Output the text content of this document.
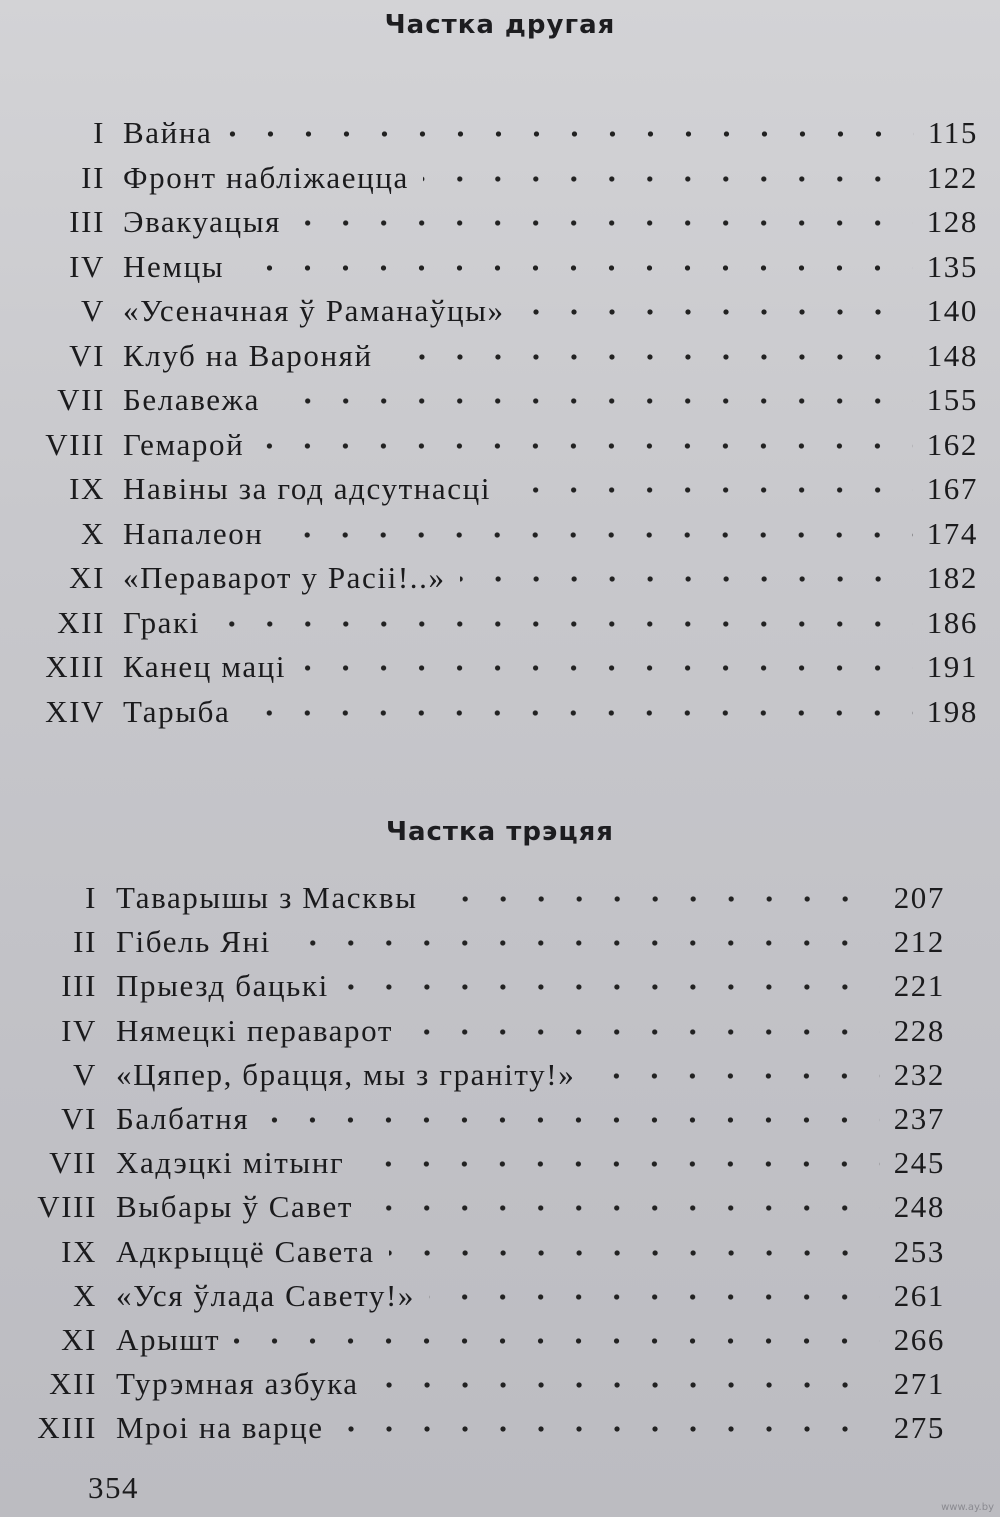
Частка другая
I Вайна	115
II Фронт набліжаецца	122
III Эвакуацыя	128
IV Немцы	135
V «Усеначная ў Раманаўцы»	140
VI Клуб на Вароняй	148
VII Белавежа	155
VIII Гемарой	162
IX Навіны за год адсутнасці	167
X Напалеон	174
XI «Пераварот у Расіі!..»	182
XII Гракі	186
XIII Канец маці	191
XIV Тарыба	198
Частка трэцяя
I Таварышы з Масквы	207
II Гібель Яні	212
III Прыезд бацькі	221
IV Нямецкі пераварот	228
V «Цяпер, брацця, мы з граніту!»	232
VI Балбатня	237
VII Хадэцкі мітынг	245
VIII Выбары ў Савет	248
IX Адкрыццё Савета	253
X «Уся ўлада Савету!»	261
XI Арышт	266
XII Турэмная азбука	271
XIII Мроі на варце	275
354
www.ay.by
